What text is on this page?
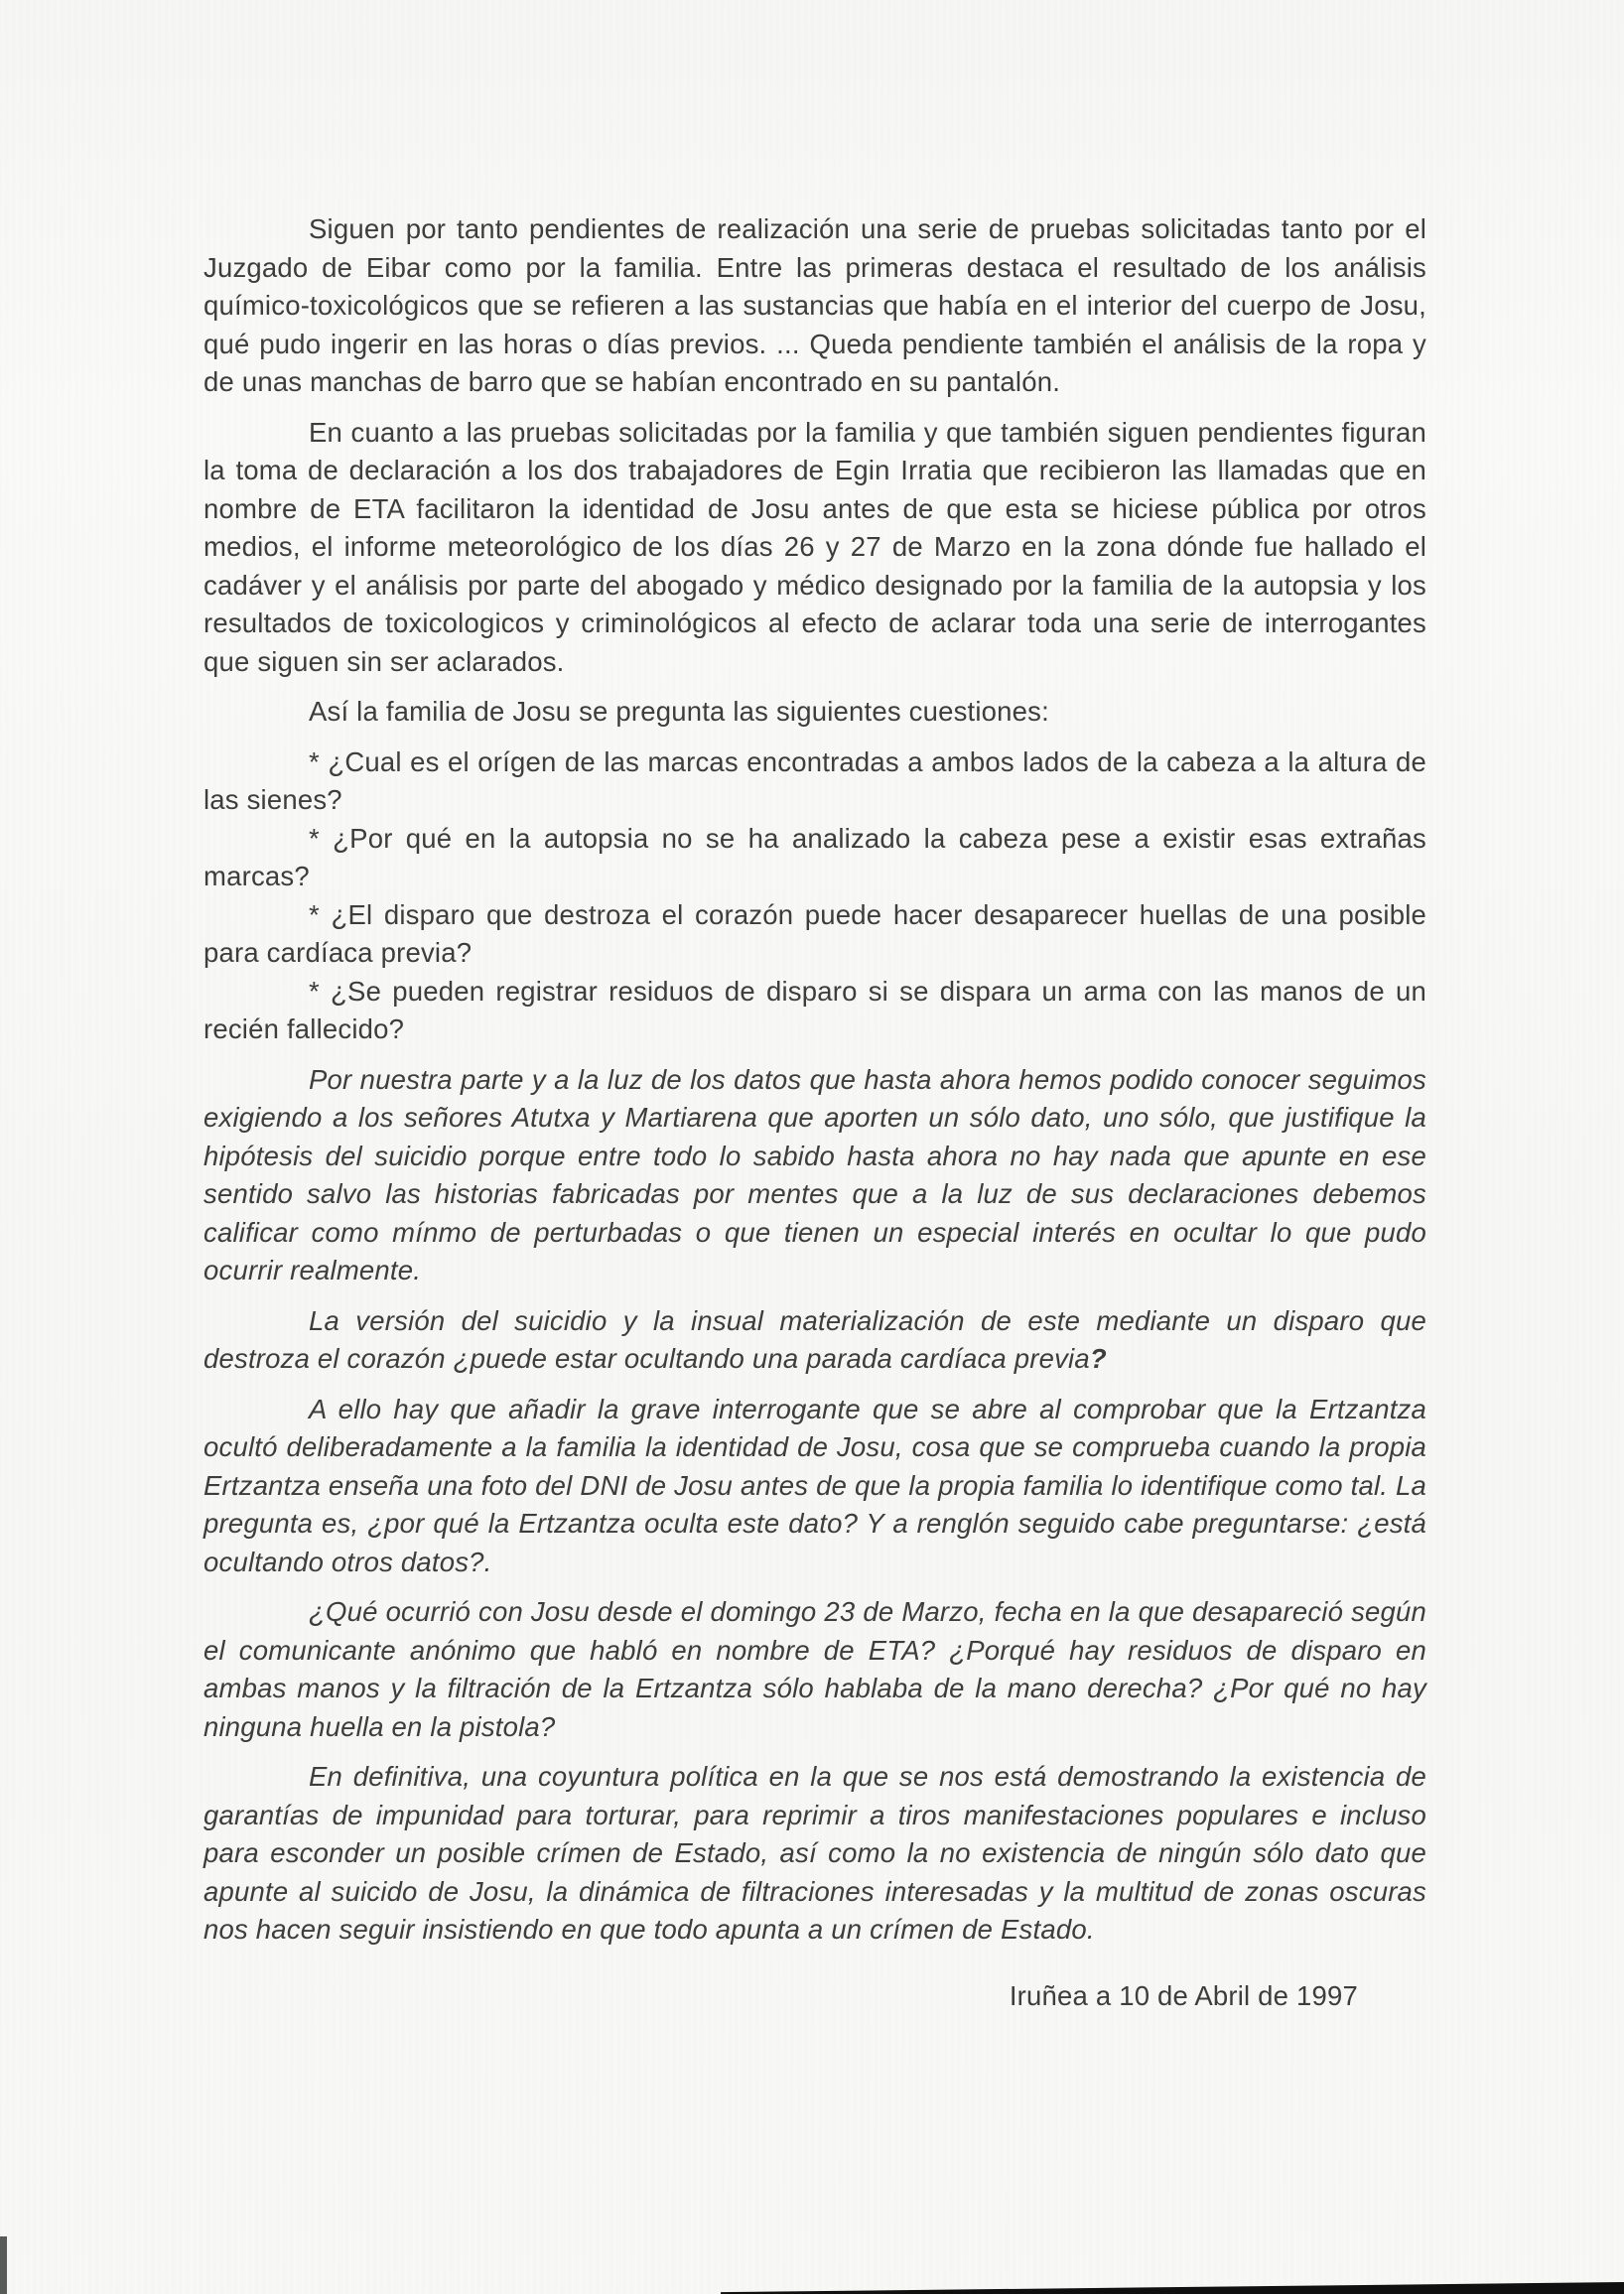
Siguen por tanto pendientes de realización una serie de pruebas solicitadas tanto por el Juzgado de Eibar como por la familia. Entre las primeras destaca el resultado de los análisis químico-toxicológicos que se refieren a las sustancias que había en el interior del cuerpo de Josu, qué pudo ingerir en las horas o días previos. ... Queda pendiente también el análisis de la ropa y de unas manchas de barro que se habían encontrado en su pantalón.

En cuanto a las pruebas solicitadas por la familia y que también siguen pendientes figuran la toma de declaración a los dos trabajadores de Egin Irratia que recibieron las llamadas que en nombre de ETA facilitaron la identidad de Josu antes de que esta se hiciese pública por otros medios, el informe meteorológico de los días 26 y 27 de Marzo en la zona dónde fue hallado el cadáver y el análisis por parte del abogado y médico designado por la familia de la autopsia y los resultados de toxicologicos y criminológicos al efecto de aclarar toda una serie de interrogantes que siguen sin ser aclarados.

Así la familia de Josu se pregunta las siguientes cuestiones:

* ¿Cual es el orígen de las marcas encontradas a ambos lados de la cabeza a la altura de las sienes?

* ¿Por qué en la autopsia no se ha analizado la cabeza pese a existir esas extrañas marcas?

* ¿El disparo que destroza el corazón puede hacer desaparecer huellas de una posible para cardíaca previa?

* ¿Se pueden registrar residuos de disparo si se dispara un arma con las manos de un recién fallecido?

Por nuestra parte y a la luz de los datos que hasta ahora hemos podido conocer seguimos exigiendo a los señores Atutxa y Martiarena que aporten un sólo dato, uno sólo, que justifique la hipótesis del suicidio porque entre todo lo sabido hasta ahora no hay nada que apunte en ese sentido salvo las historias fabricadas por mentes que a la luz de sus declaraciones debemos calificar como mínmo de perturbadas o que tienen un especial interés en ocultar lo que pudo ocurrir realmente.

La versión del suicidio y la insual materialización de este mediante un disparo que destroza el corazón ¿puede estar ocultando una parada cardíaca previa?

A ello hay que añadir la grave interrogante que se abre al comprobar que la Ertzantza ocultó deliberadamente a la familia la identidad de Josu, cosa que se comprueba cuando la propia Ertzantza enseña una foto del DNI de Josu antes de que la propia familia lo identifique como tal. La pregunta es, ¿por qué la Ertzantza oculta este dato? Y a renglón seguido cabe preguntarse: ¿está ocultando otros datos?.

¿Qué ocurrió con Josu desde el domingo 23 de Marzo, fecha en la que desapareció según el comunicante anónimo que habló en nombre de ETA? ¿Porqué hay residuos de disparo en ambas manos y la filtración de la Ertzantza sólo hablaba de la mano derecha? ¿Por qué no hay ninguna huella en la pistola?

En definitiva, una coyuntura política en la que se nos está demostrando la existencia de garantías de impunidad para torturar, para reprimir a tiros manifestaciones populares e incluso para esconder un posible crímen de Estado, así como la no existencia de ningún sólo dato que apunte al suicido de Josu, la dinámica de filtraciones interesadas y la multitud de zonas oscuras nos hacen seguir insistiendo en que todo apunta a un crímen de Estado.

Iruñea a 10 de Abril de 1997
